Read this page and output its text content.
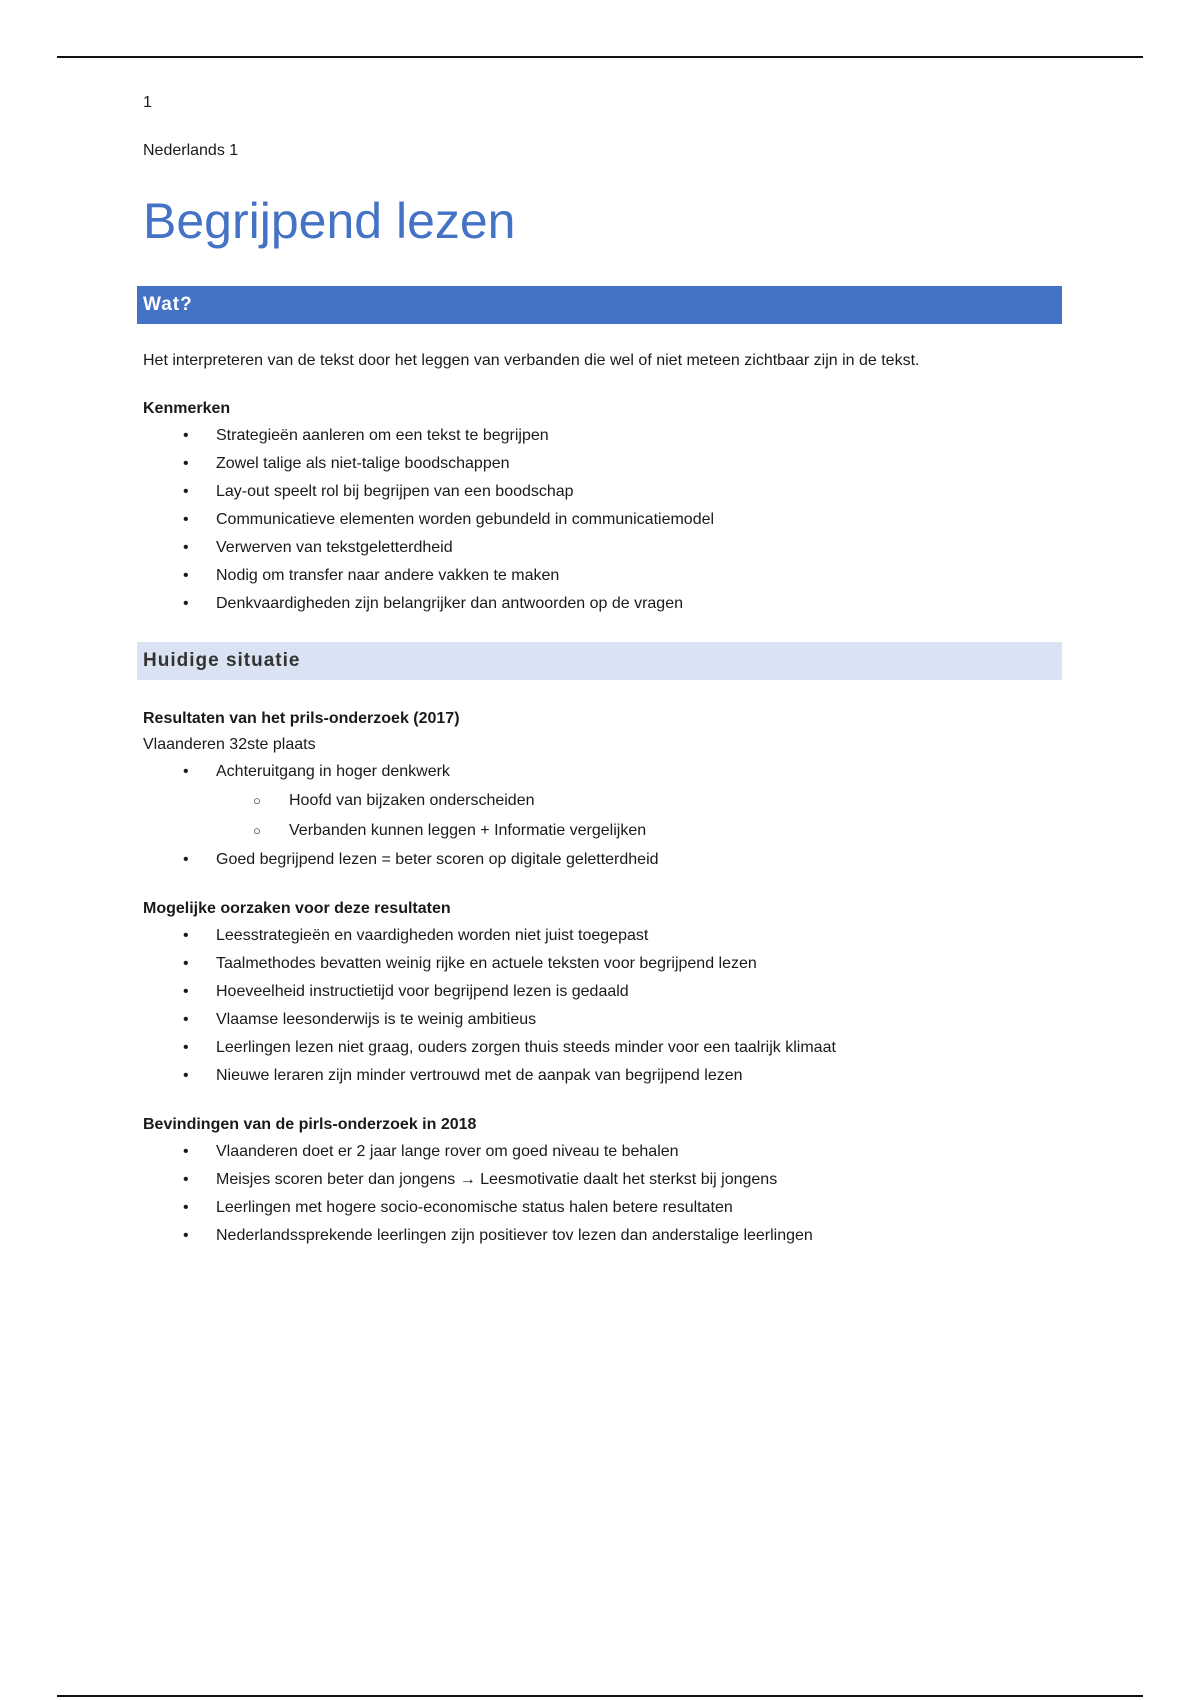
1

Nederlands 1

Begrijpend lezen
Wat?

Het interpreteren van de tekst door het leggen van verbanden die wel of niet meteen zichtbaar zijn in de tekst.

Kenmerken

• Strategieën aanleren om een tekst te begrijpen
• Zowel talige als niet-talige boodschappen
• Lay-out speelt rol bij begrijpen van een boodschap
• Communicatieve elementen worden gebundeld in communicatiemodel
• Verwerven van tekstgeletterdheid
• Nodig om transfer naar andere vakken te maken
• Denkvaardigheden zijn belangrijker dan antwoorden op de vragen
Huidige situatie

Resultaten van het prils-onderzoek (2017)

Vlaanderen 32ste plaats

• Achteruitgang in hoger denkwerk
○ Hoofd van bijzaken onderscheiden
○ Verbanden kunnen leggen + Informatie vergelijken
• Goed begrijpend lezen = beter scoren op digitale geletterdheid

Mogelijke oorzaken voor deze resultaten

• Leesstrategieën en vaardigheden worden niet juist toegepast
• Taalmethodes bevatten weinig rijke en actuele teksten voor begrijpend lezen
• Hoeveelheid instructietijd voor begrijpend lezen is gedaald
• Vlaamse leesonderwijs is te weinig ambitieus
• Leerlingen lezen niet graag, ouders zorgen thuis steeds minder voor een taalrijk klimaat
• Nieuwe leraren zijn minder vertrouwd met de aanpak van begrijpend lezen

Bevindingen van de pirls-onderzoek in 2018

• Vlaanderen doet er 2 jaar lange rover om goed niveau te behalen
• Meisjes scoren beter dan jongens → Leesmotivatie daalt het sterkst bij jongens
• Leerlingen met hogere socio-economische status halen betere resultaten
• Nederlandssprekende leerlingen zijn positiever tov lezen dan anderstalige leerlingen
